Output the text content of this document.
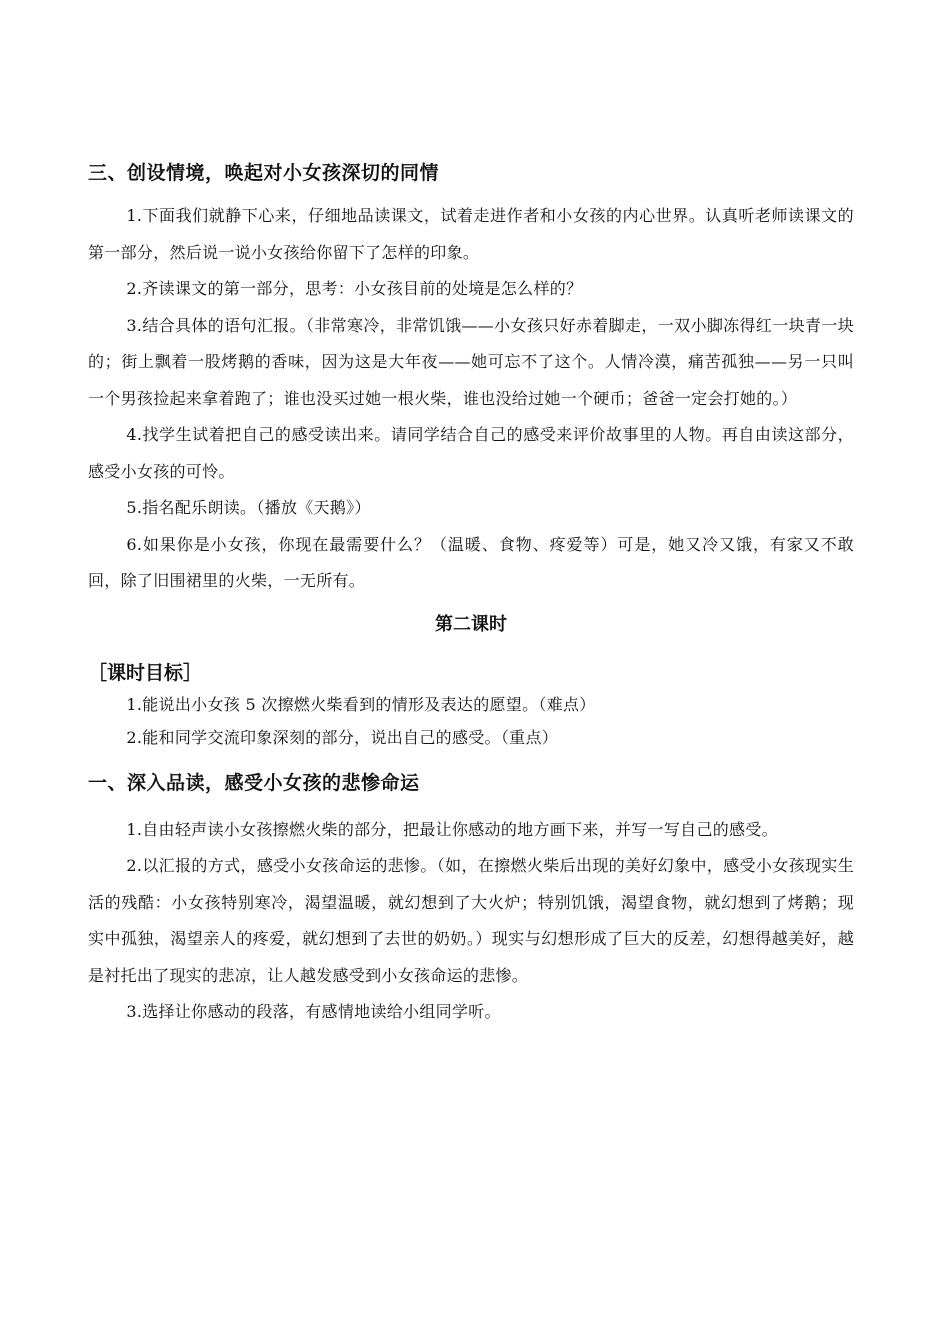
三、创设情境，唤起对小女孩深切的同情

1.下面我们就静下心来，仔细地品读课文，试着走进作者和小女孩的内心世界。认真听老师读课文的第一部分，然后说一说小女孩给你留下了怎样的印象。

2.齐读课文的第一部分，思考：小女孩目前的处境是怎么样的？

3.结合具体的语句汇报。（非常寒冷，非常饥饿——小女孩只好赤着脚走，一双小脚冻得红一块青一块的；街上飘着一股烤鹅的香味，因为这是大年夜——她可忘不了这个。人情冷漠，痛苦孤独——另一只叫一个男孩捡起来拿着跑了；谁也没买过她一根火柴，谁也没给过她一个硬币；爸爸一定会打她的。）

4.找学生试着把自己的感受读出来。请同学结合自己的感受来评价故事里的人物。再自由读这部分，感受小女孩的可怜。

5.指名配乐朗读。（播放《天鹅》）

6.如果你是小女孩，你现在最需要什么？（温暖、食物、疼爱等）可是，她又冷又饿，有家又不敢回，除了旧围裙里的火柴，一无所有。

第二课时
［课时目标］

1.能说出小女孩 5 次擦燃火柴看到的情形及表达的愿望。（难点）

2.能和同学交流印象深刻的部分，说出自己的感受。（重点）

一、深入品读，感受小女孩的悲惨命运

1.自由轻声读小女孩擦燃火柴的部分，把最让你感动的地方画下来，并写一写自己的感受。

2.以汇报的方式，感受小女孩命运的悲惨。（如，在擦燃火柴后出现的美好幻象中，感受小女孩现实生活的残酷：小女孩特别寒冷，渴望温暖，就幻想到了大火炉；特别饥饿，渴望食物，就幻想到了烤鹅；现实中孤独，渴望亲人的疼爱，就幻想到了去世的奶奶。）现实与幻想形成了巨大的反差，幻想得越美好，越是衬托出了现实的悲凉，让人越发感受到小女孩命运的悲惨。

3.选择让你感动的段落，有感情地读给小组同学听。
